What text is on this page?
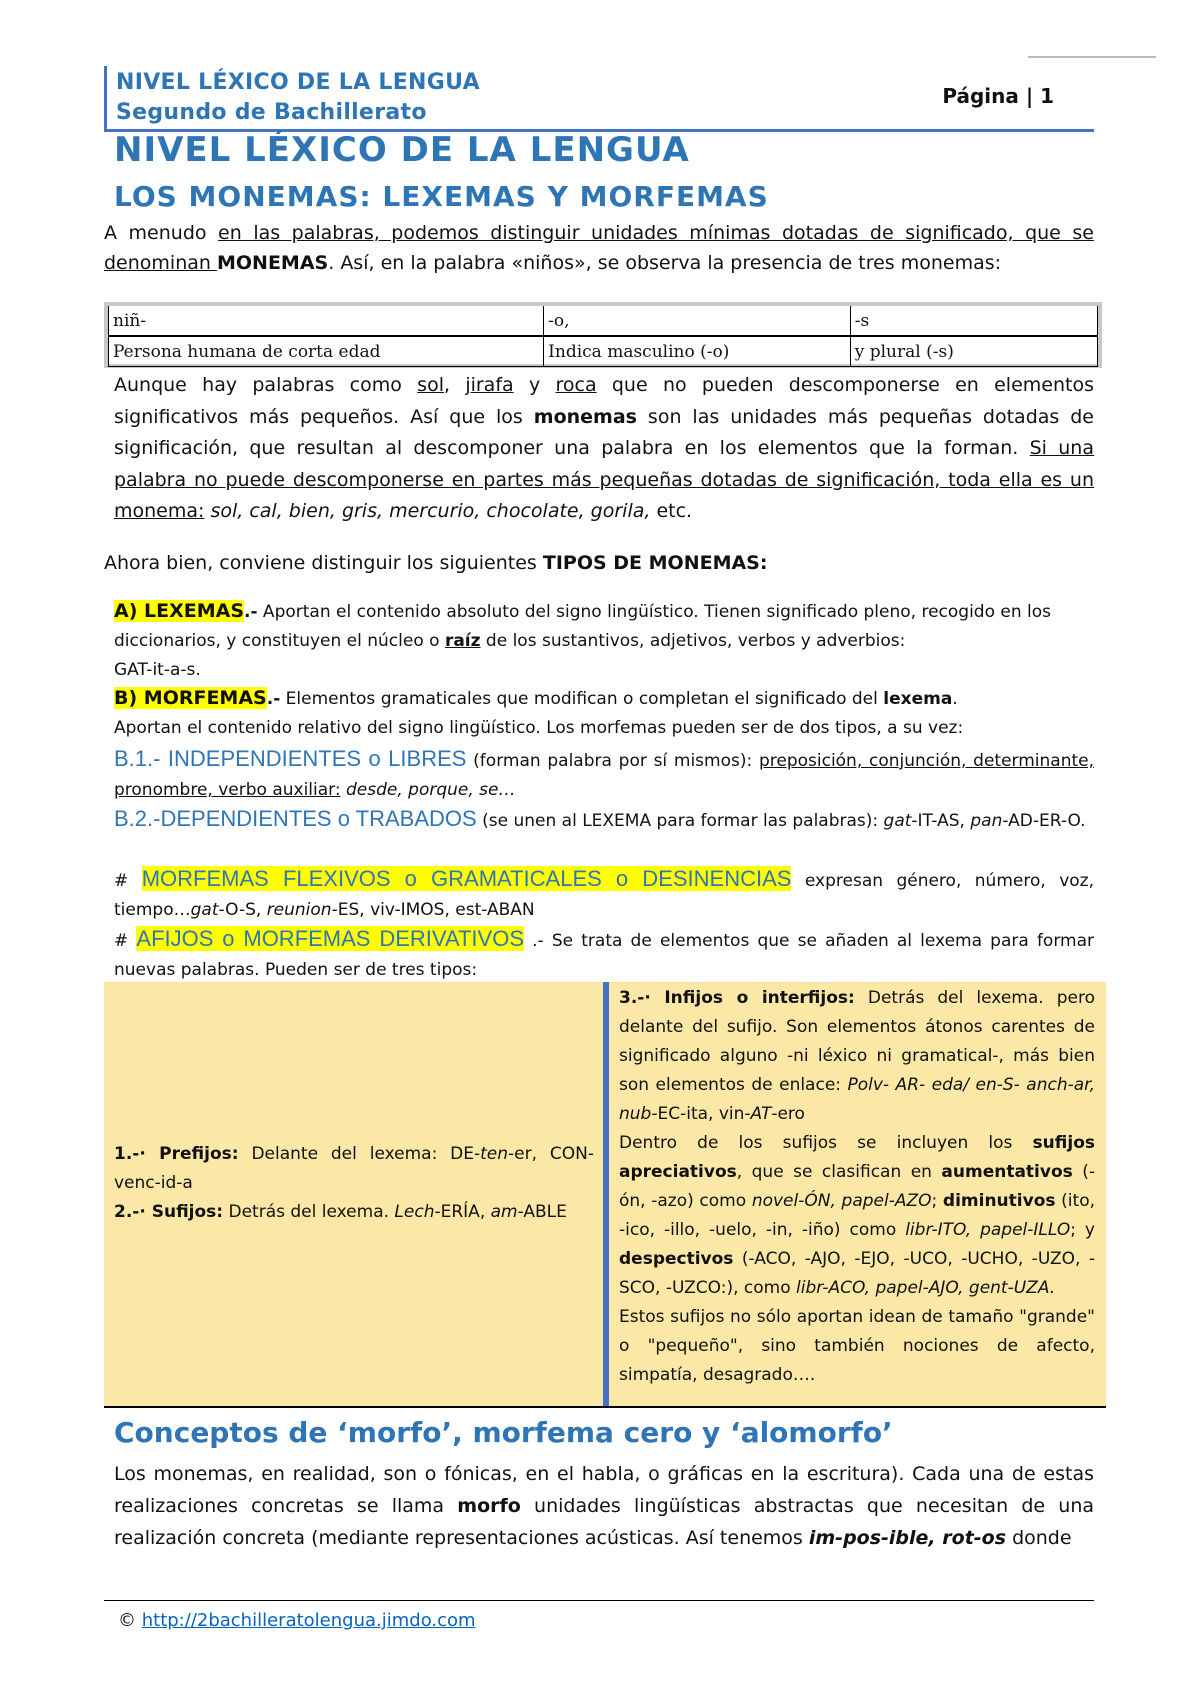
NIVEL LÉXICO DE LA LENGUA
Segundo de Bachillerato
Página | 1
NIVEL LÉXICO DE LA LENGUA
LOS MONEMAS: LEXEMAS Y MORFEMAS
A menudo en las palabras, podemos distinguir unidades mínimas dotadas de significado, que se denominan MONEMAS. Así, en la palabra «niños», se observa la presencia de tres monemas:
niñ-	-o,	-s
Persona humana de corta edad	Indica masculino (-o)	y plural (-s)
Aunque hay palabras como sol, jirafa y roca que no pueden descomponerse en elementos significativos más pequeños. Así que los monemas son las unidades más pequeñas dotadas de significación, que resultan al descomponer una palabra en los elementos que la forman. Si una palabra no puede descomponerse en partes más pequeñas dotadas de significación, toda ella es un monema: sol, cal, bien, gris, mercurio, chocolate, gorila, etc.
Ahora bien, conviene distinguir los siguientes TIPOS DE MONEMAS:
A) LEXEMAS.- Aportan el contenido absoluto del signo lingüístico. Tienen significado pleno, recogido en los diccionarios, y constituyen el núcleo o raíz de los sustantivos, adjetivos, verbos y adverbios:
GAT-it-a-s.
B) MORFEMAS.- Elementos gramaticales que modifican o completan el significado del lexema.
Aportan el contenido relativo del signo lingüístico. Los morfemas pueden ser de dos tipos, a su vez:
B.1.- INDEPENDIENTES o LIBRES (forman palabra por sí mismos): preposición, conjunción, determinante, pronombre, verbo auxiliar: desde, porque, se…
B.2.-DEPENDIENTES o TRABADOS (se unen al LEXEMA para formar las palabras): gat-IT-AS, pan-AD-ER-O.
# MORFEMAS FLEXIVOS o GRAMATICALES o DESINENCIAS expresan género, número, voz, tiempo…gat-O-S, reunion-ES, viv-IMOS, est-ABAN
# AFIJOS o MORFEMAS DERIVATIVOS .- Se trata de elementos que se añaden al lexema para formar nuevas palabras. Pueden ser de tres tipos:
1.-· Prefijos: Delante del lexema: DE-ten-er, CON-venc-id-a
2.-· Sufijos: Detrás del lexema. Lech-ERÍA, am-ABLE
3.-· Infijos o interfijos: Detrás del lexema. pero delante del sufijo. Son elementos átonos carentes de significado alguno -ni léxico ni gramatical-, más bien son elementos de enlace: Polv- AR- eda/ en-S- anch-ar, nub-EC-ita, vin-AT-ero
Dentro de los sufijos se incluyen los sufijos apreciativos, que se clasifican en aumentativos (-ón, -azo) como novel-ÓN, papel-AZO; diminutivos (ito, -ico, -illo, -uelo, -in, -iño) como libr-ITO, papel-ILLO; y despectivos (-ACO, -AJO, -EJO, -UCO, -UCHO, -UZO, -SCO, -UZCO:), como libr-ACO, papel-AJO, gent-UZA.
Estos sufijos no sólo aportan idean de tamaño "grande" o "pequeño", sino también nociones de afecto, simpatía, desagrado….
Conceptos de ‘morfo’, morfema cero y ‘alomorfo’
Los monemas, en realidad, son o fónicas, en el habla, o gráficas en la escritura). Cada una de estas realizaciones concretas se llama morfo unidades lingüísticas abstractas que necesitan de una realización concreta (mediante representaciones acústicas. Así tenemos im-pos-ible, rot-os donde
© http://2bachilleratolengua.jimdo.com
